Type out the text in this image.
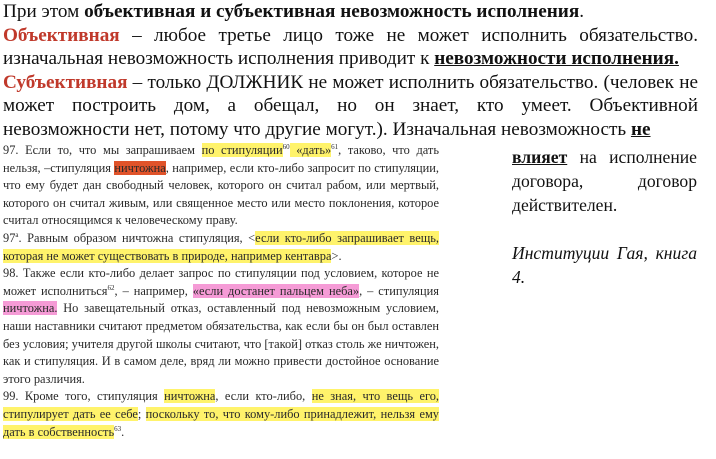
При этом объективная и субъективная невозможность исполнения.

Объективная – любое третье лицо тоже не может исполнить обязательство. изначальная невозможность исполнения приводит к невозможности исполнения.

Субъективная – только ДОЛЖНИК не может исполнить обязательство. (человек не может построить дом, а обещал, но он знает, кто умеет. Объективной невозможности нет, потому что другие могут.). Изначальная невозможность не

97. Если то, что мы запрашиваем по стипуляции$^{60}$ «дать»$^{61}$, таково, что дать нельзя, –стипуляция ничтожна, например, если кто-либо запросит по стипуляции, что ему будет дан свободный человек, которого он считал рабом, или мертвый, которого он считал живым, или священное место или место поклонения, которое считал относящимся к человеческому праву.

97$^a$. Равным образом ничтожна стипуляция, <если кто-либо запрашивает вещь, которая не может существовать в природе, например кентавра>.

98. Также если кто-либо делает запрос по стипуляции под условием, которое не может исполниться$^{62}$, – например, «если достанет пальцем неба», – стипуляция ничтожна. Но завещательный отказ, оставленный под невозможным условием, наши наставники считают предметом обязательства, как если бы он был оставлен без условия; учителя другой школы считают, что [такой] отказ столь же ничтожен, как и стипуляция. И в самом деле, вряд ли можно привести достойное основание этого различия.

99. Кроме того, стипуляция ничтожна, если кто-либо, не зная, что вещь его, стипулирует дать ее себе; поскольку то, что кому-либо принадлежит, нельзя ему дать в собственность$^{63}$.

влияет на исполнение договора, договор действителен.

Институции Гая, книга 4.
